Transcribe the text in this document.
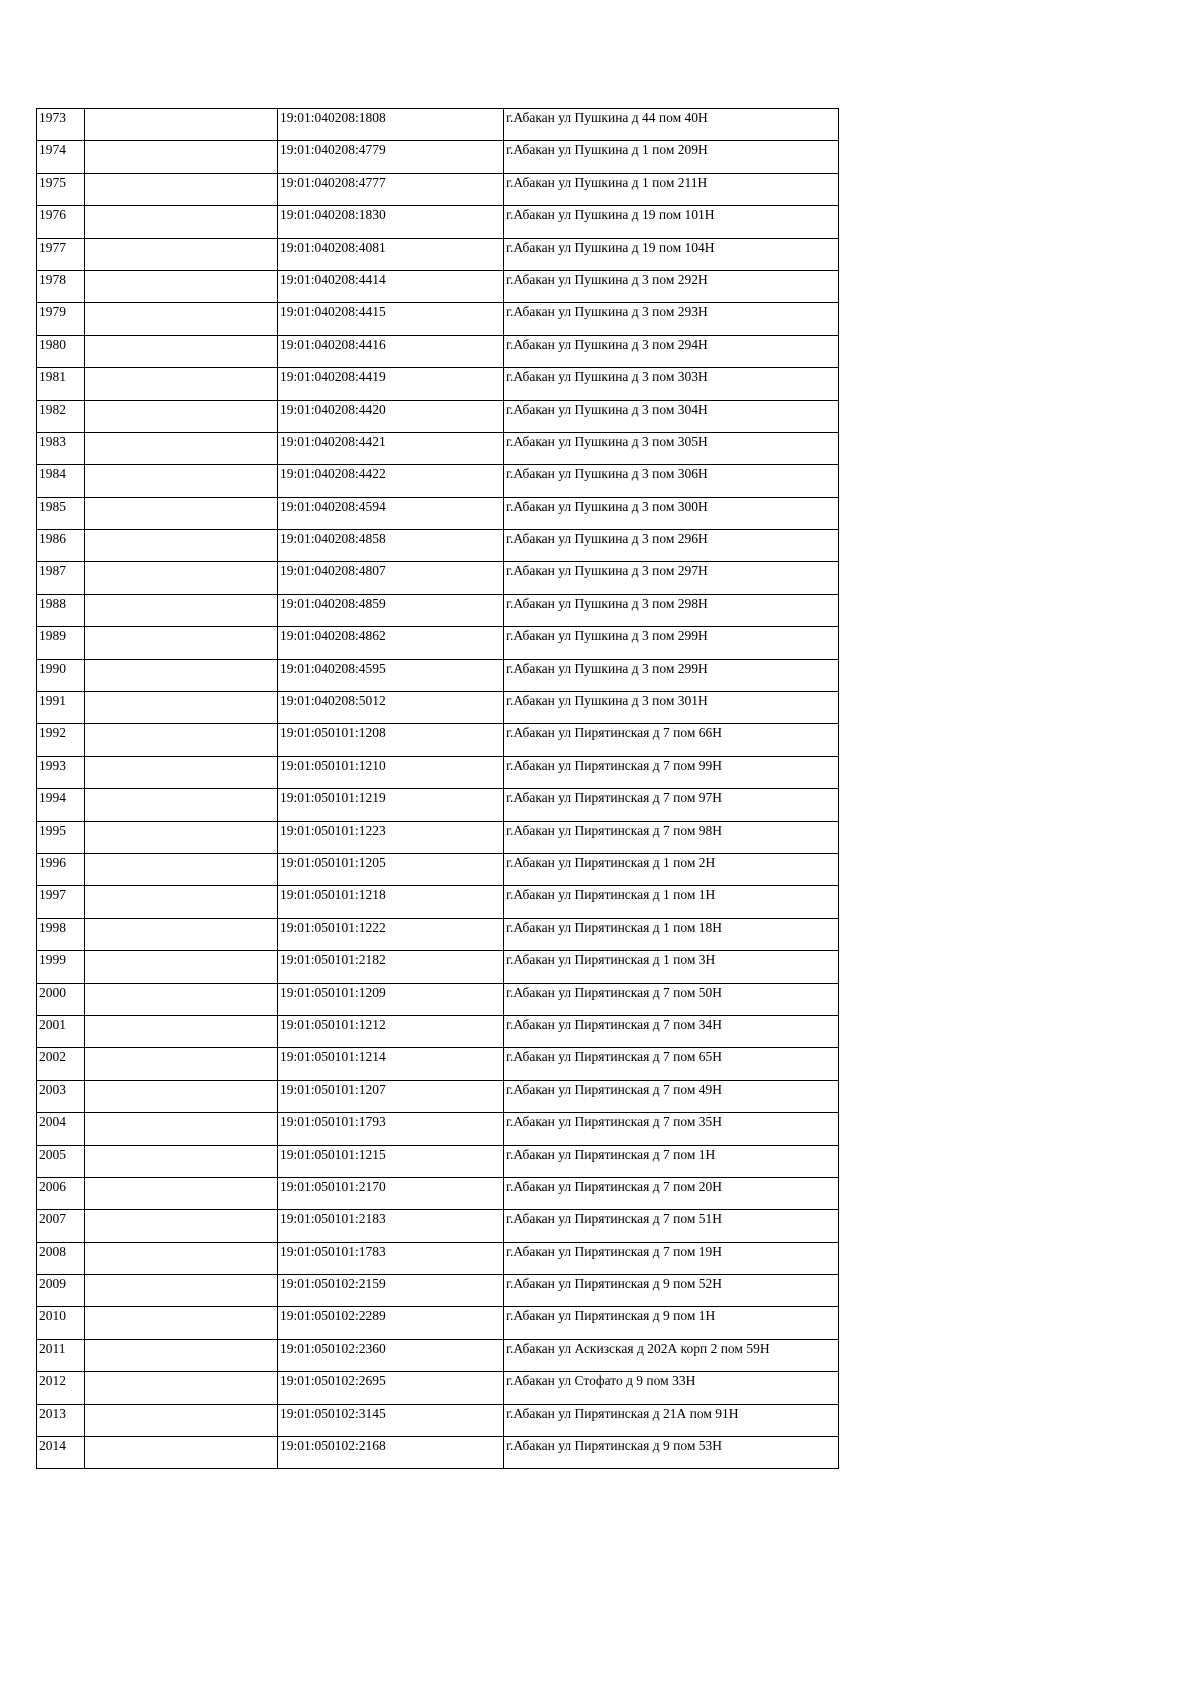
1973		19:01:040208:1808	г.Абакан ул Пушкина д 44 пом 40Н
1974		19:01:040208:4779	г.Абакан ул Пушкина д 1 пом 209Н
1975		19:01:040208:4777	г.Абакан ул Пушкина д 1 пом 211Н
1976		19:01:040208:1830	г.Абакан ул Пушкина д 19 пом 101Н
1977		19:01:040208:4081	г.Абакан ул Пушкина д 19 пом 104Н
1978		19:01:040208:4414	г.Абакан ул Пушкина д 3 пом 292Н
1979		19:01:040208:4415	г.Абакан ул Пушкина д 3 пом 293Н
1980		19:01:040208:4416	г.Абакан ул Пушкина д 3 пом 294Н
1981		19:01:040208:4419	г.Абакан ул Пушкина д 3 пом 303Н
1982		19:01:040208:4420	г.Абакан ул Пушкина д 3 пом 304Н
1983		19:01:040208:4421	г.Абакан ул Пушкина д 3 пом 305Н
1984		19:01:040208:4422	г.Абакан ул Пушкина д 3 пом 306Н
1985		19:01:040208:4594	г.Абакан ул Пушкина д 3 пом 300Н
1986		19:01:040208:4858	г.Абакан ул Пушкина д 3 пом 296Н
1987		19:01:040208:4807	г.Абакан ул Пушкина д 3 пом 297Н
1988		19:01:040208:4859	г.Абакан ул Пушкина д 3 пом 298Н
1989		19:01:040208:4862	г.Абакан ул Пушкина д 3 пом 299Н
1990		19:01:040208:4595	г.Абакан ул Пушкина д 3 пом 299Н
1991		19:01:040208:5012	г.Абакан ул Пушкина д 3 пом 301Н
1992		19:01:050101:1208	г.Абакан ул Пирятинская д 7 пом 66Н
1993		19:01:050101:1210	г.Абакан ул Пирятинская д 7 пом 99Н
1994		19:01:050101:1219	г.Абакан ул Пирятинская д 7 пом 97Н
1995		19:01:050101:1223	г.Абакан ул Пирятинская д 7 пом 98Н
1996		19:01:050101:1205	г.Абакан ул Пирятинская д 1 пом 2Н
1997		19:01:050101:1218	г.Абакан ул Пирятинская д 1 пом 1Н
1998		19:01:050101:1222	г.Абакан ул Пирятинская д 1 пом 18Н
1999		19:01:050101:2182	г.Абакан ул Пирятинская д 1 пом 3Н
2000		19:01:050101:1209	г.Абакан ул Пирятинская д 7 пом 50Н
2001		19:01:050101:1212	г.Абакан ул Пирятинская д 7 пом 34Н
2002		19:01:050101:1214	г.Абакан ул Пирятинская д 7 пом 65Н
2003		19:01:050101:1207	г.Абакан ул Пирятинская д 7 пом 49Н
2004		19:01:050101:1793	г.Абакан ул Пирятинская д 7 пом 35Н
2005		19:01:050101:1215	г.Абакан ул Пирятинская д 7 пом 1Н
2006		19:01:050101:2170	г.Абакан ул Пирятинская д 7 пом 20Н
2007		19:01:050101:2183	г.Абакан ул Пирятинская д 7 пом 51Н
2008		19:01:050101:1783	г.Абакан ул Пирятинская д 7 пом 19Н
2009		19:01:050102:2159	г.Абакан ул Пирятинская д 9 пом 52Н
2010		19:01:050102:2289	г.Абакан ул Пирятинская д 9 пом 1Н
2011		19:01:050102:2360	г.Абакан ул Аскизская д 202А корп 2 пом 59Н
2012		19:01:050102:2695	г.Абакан ул Стофато д 9 пом 33Н
2013		19:01:050102:3145	г.Абакан ул Пирятинская д 21А пом 91Н
2014		19:01:050102:2168	г.Абакан ул Пирятинская д 9 пом 53Н
